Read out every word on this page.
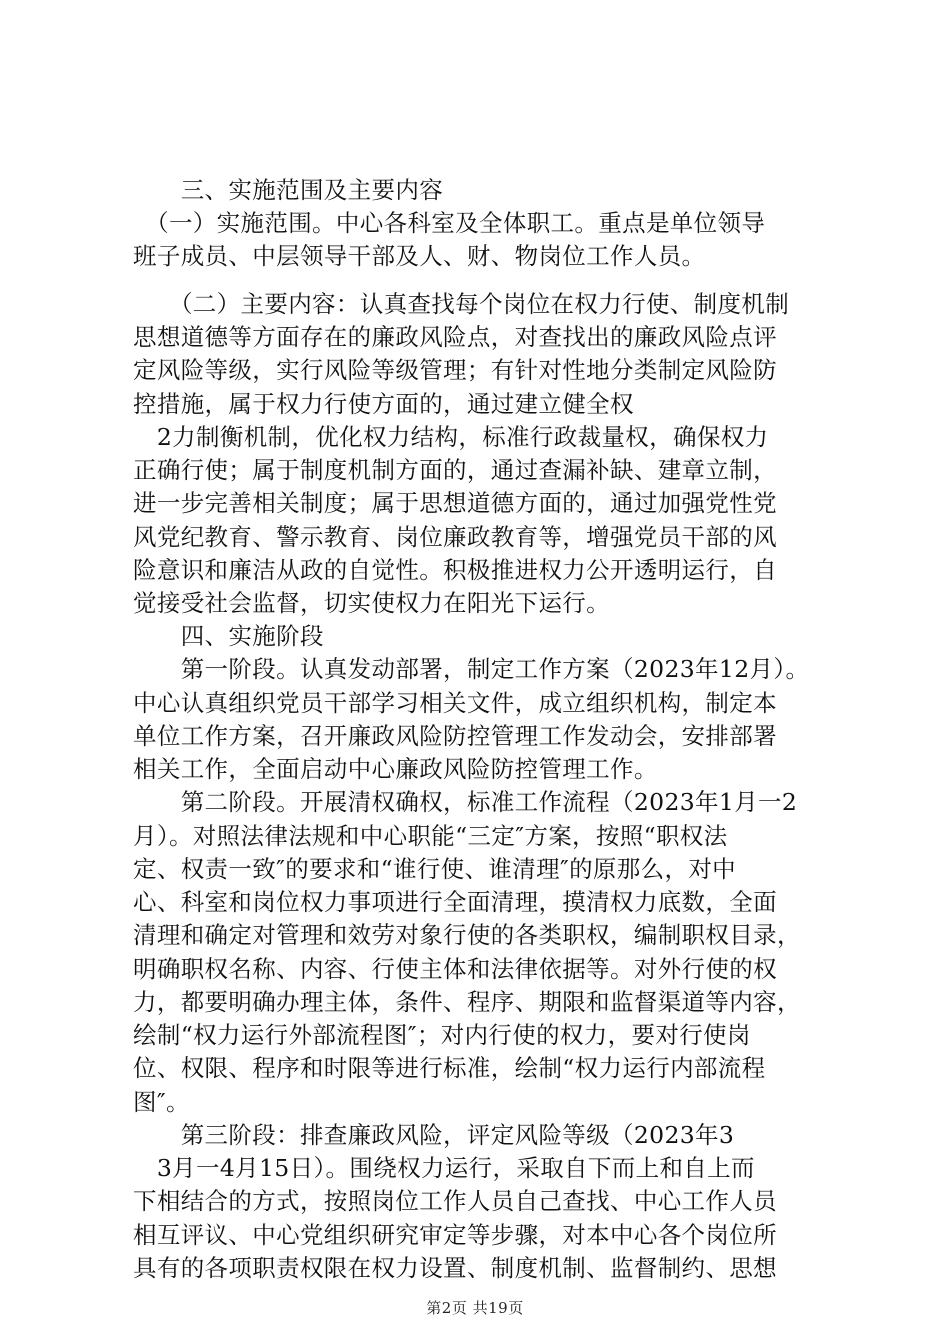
　　三、实施范围及主要内容
　（一）实施范围。中心各科室及全体职工。重点是单位领导
班子成员、中层领导干部及人、财、物岗位工作人员。
　　（二）主要内容：认真查找每个岗位在权力行使、制度机制
思想道德等方面存在的廉政风险点，对查找出的廉政风险点评
定风险等级，实行风险等级管理；有针对性地分类制定风险防
控措施，属于权力行使方面的，通过建立健全权
　2力制衡机制，优化权力结构，标准行政裁量权，确保权力
正确行使；属于制度机制方面的，通过查漏补缺、建章立制，
进一步完善相关制度；属于思想道德方面的，通过加强党性党
风党纪教育、警示教育、岗位廉政教育等，增强党员干部的风
险意识和廉洁从政的自觉性。积极推进权力公开透明运行，自
觉接受社会监督，切实使权力在阳光下运行。
　　四、实施阶段
　　第一阶段。认真发动部署，制定工作方案（2023年12月）。
中心认真组织党员干部学习相关文件，成立组织机构，制定本
单位工作方案，召开廉政风险防控管理工作发动会，安排部署
相关工作，全面启动中心廉政风险防控管理工作。
　　第二阶段。开展清权确权，标准工作流程（2023年1月一2
月）。对照法律法规和中心职能“三定″方案，按照“职权法
定、权责一致″的要求和“谁行使、谁清理″的原那么，对中
心、科室和岗位权力事项进行全面清理，摸清权力底数，全面
清理和确定对管理和效劳对象行使的各类职权，编制职权目录，
明确职权名称、内容、行使主体和法律依据等。对外行使的权
力，都要明确办理主体，条件、程序、期限和监督渠道等内容，
绘制“权力运行外部流程图″；对内行使的权力，要对行使岗
位、权限、程序和时限等进行标准，绘制“权力运行内部流程
图″。
　　第三阶段：排查廉政风险，评定风险等级（2023年3
　3月一4月15日）。围绕权力运行，采取自下而上和自上而
下相结合的方式，按照岗位工作人员自己查找、中心工作人员
相互评议、中心党组织研究审定等步骤，对本中心各个岗位所
具有的各项职责权限在权力设置、制度机制、监督制约、思想
第2页 共19页
